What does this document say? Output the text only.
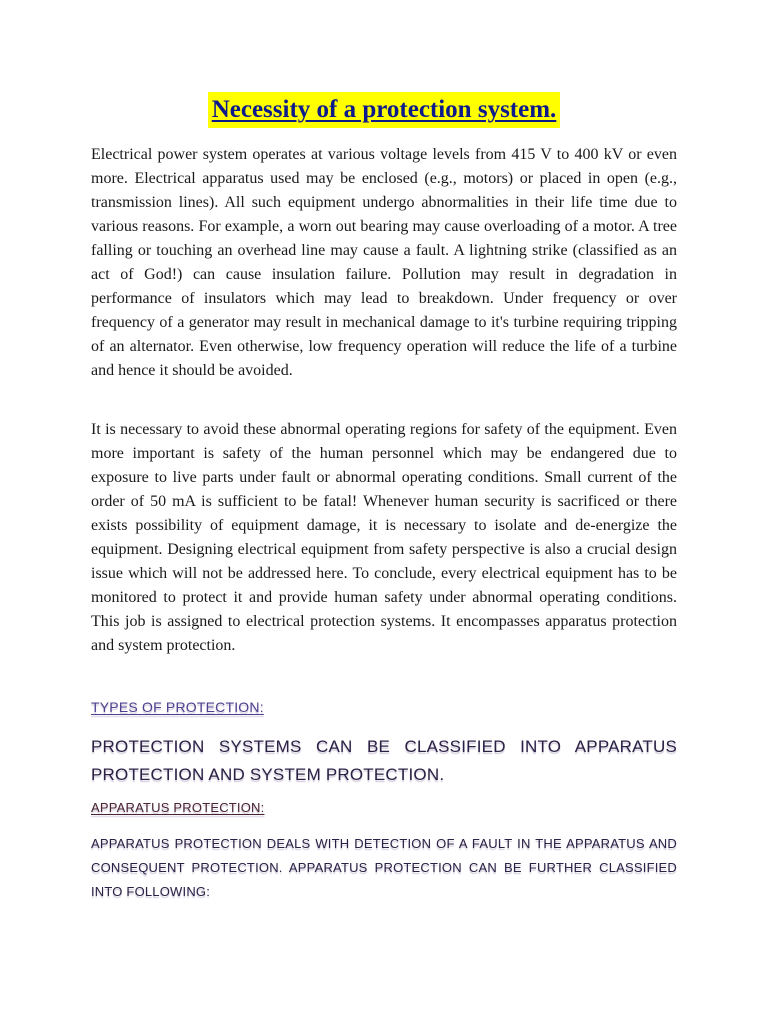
Necessity of a protection system.

Electrical power system operates at various voltage levels from 415 V to 400 kV or even more. Electrical apparatus used may be enclosed (e.g., motors) or placed in open (e.g., transmission lines). All such equipment undergo abnormalities in their life time due to various reasons. For example, a worn out bearing may cause overloading of a motor. A tree falling or touching an overhead line may cause a fault. A lightning strike (classified as an act of God!) can cause insulation failure. Pollution may result in degradation in performance of insulators which may lead to breakdown. Under frequency or over frequency of a generator may result in mechanical damage to it's turbine requiring tripping of an alternator. Even otherwise, low frequency operation will reduce the life of a turbine and hence it should be avoided.

It is necessary to avoid these abnormal operating regions for safety of the equipment. Even more important is safety of the human personnel which may be endangered due to exposure to live parts under fault or abnormal operating conditions. Small current of the order of 50 mA is sufficient to be fatal! Whenever human security is sacrificed or there exists possibility of equipment damage, it is necessary to isolate and de-energize the equipment. Designing electrical equipment from safety perspective is also a crucial design issue which will not be addressed here. To conclude, every electrical equipment has to be monitored to protect it and provide human safety under abnormal operating conditions. This job is assigned to electrical protection systems. It encompasses apparatus protection and system protection.

TYPES OF PROTECTION:

PROTECTION SYSTEMS CAN BE CLASSIFIED INTO APPARATUS PROTECTION AND SYSTEM PROTECTION.

APPARATUS PROTECTION:

APPARATUS PROTECTION DEALS WITH DETECTION OF A FAULT IN THE APPARATUS AND CONSEQUENT PROTECTION. APPARATUS PROTECTION CAN BE FURTHER CLASSIFIED INTO FOLLOWING:
